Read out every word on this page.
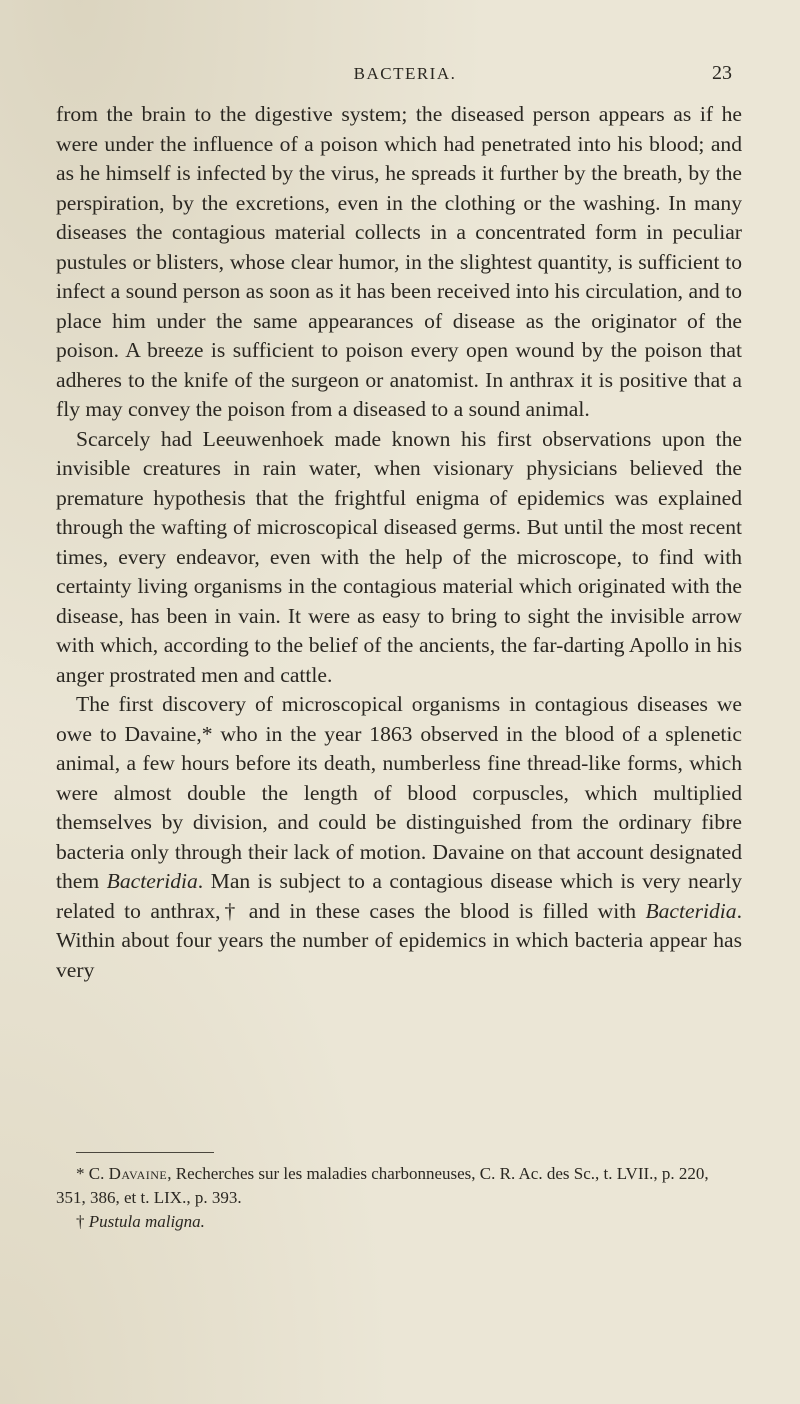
BACTERIA.	23

from the brain to the digestive system; the diseased person appears as if he were under the influence of a poison which had penetrated into his blood; and as he himself is infected by the virus, he spreads it further by the breath, by the perspiration, by the excretions, even in the clothing or the washing. In many diseases the contagious material collects in a concentrated form in peculiar pustules or blisters, whose clear humor, in the slightest quantity, is sufficient to infect a sound person as soon as it has been received into his circulation, and to place him under the same appearances of disease as the originator of the poison. A breeze is sufficient to poison every open wound by the poison that adheres to the knife of the surgeon or anatomist. In anthrax it is positive that a fly may convey the poison from a diseased to a sound animal.

Scarcely had Leeuwenhoek made known his first observations upon the invisible creatures in rain water, when visionary physicians believed the premature hypothesis that the frightful enigma of epidemics was explained through the wafting of microscopical diseased germs. But until the most recent times, every endeavor, even with the help of the microscope, to find with certainty living organisms in the contagious material which originated with the disease, has been in vain. It were as easy to bring to sight the invisible arrow with which, according to the belief of the ancients, the far-darting Apollo in his anger prostrated men and cattle.

The first discovery of microscopical organisms in contagious diseases we owe to Davaine,* who in the year 1863 observed in the blood of a splenetic animal, a few hours before its death, numberless fine thread-like forms, which were almost double the length of blood corpuscles, which multiplied themselves by division, and could be distinguished from the ordinary fibre bacteria only through their lack of motion. Davaine on that account designated them Bacteridia. Man is subject to a contagious disease which is very nearly related to anthrax,† and in these cases the blood is filled with Bacteridia. Within about four years the number of epidemics in which bacteria appear has very

* C. Davaine, Recherches sur les maladies charbonneuses, C. R. Ac. des Sc., t. LVII., p. 220, 351, 386, et t. LIX., p. 393.

† Pustula maligna.
